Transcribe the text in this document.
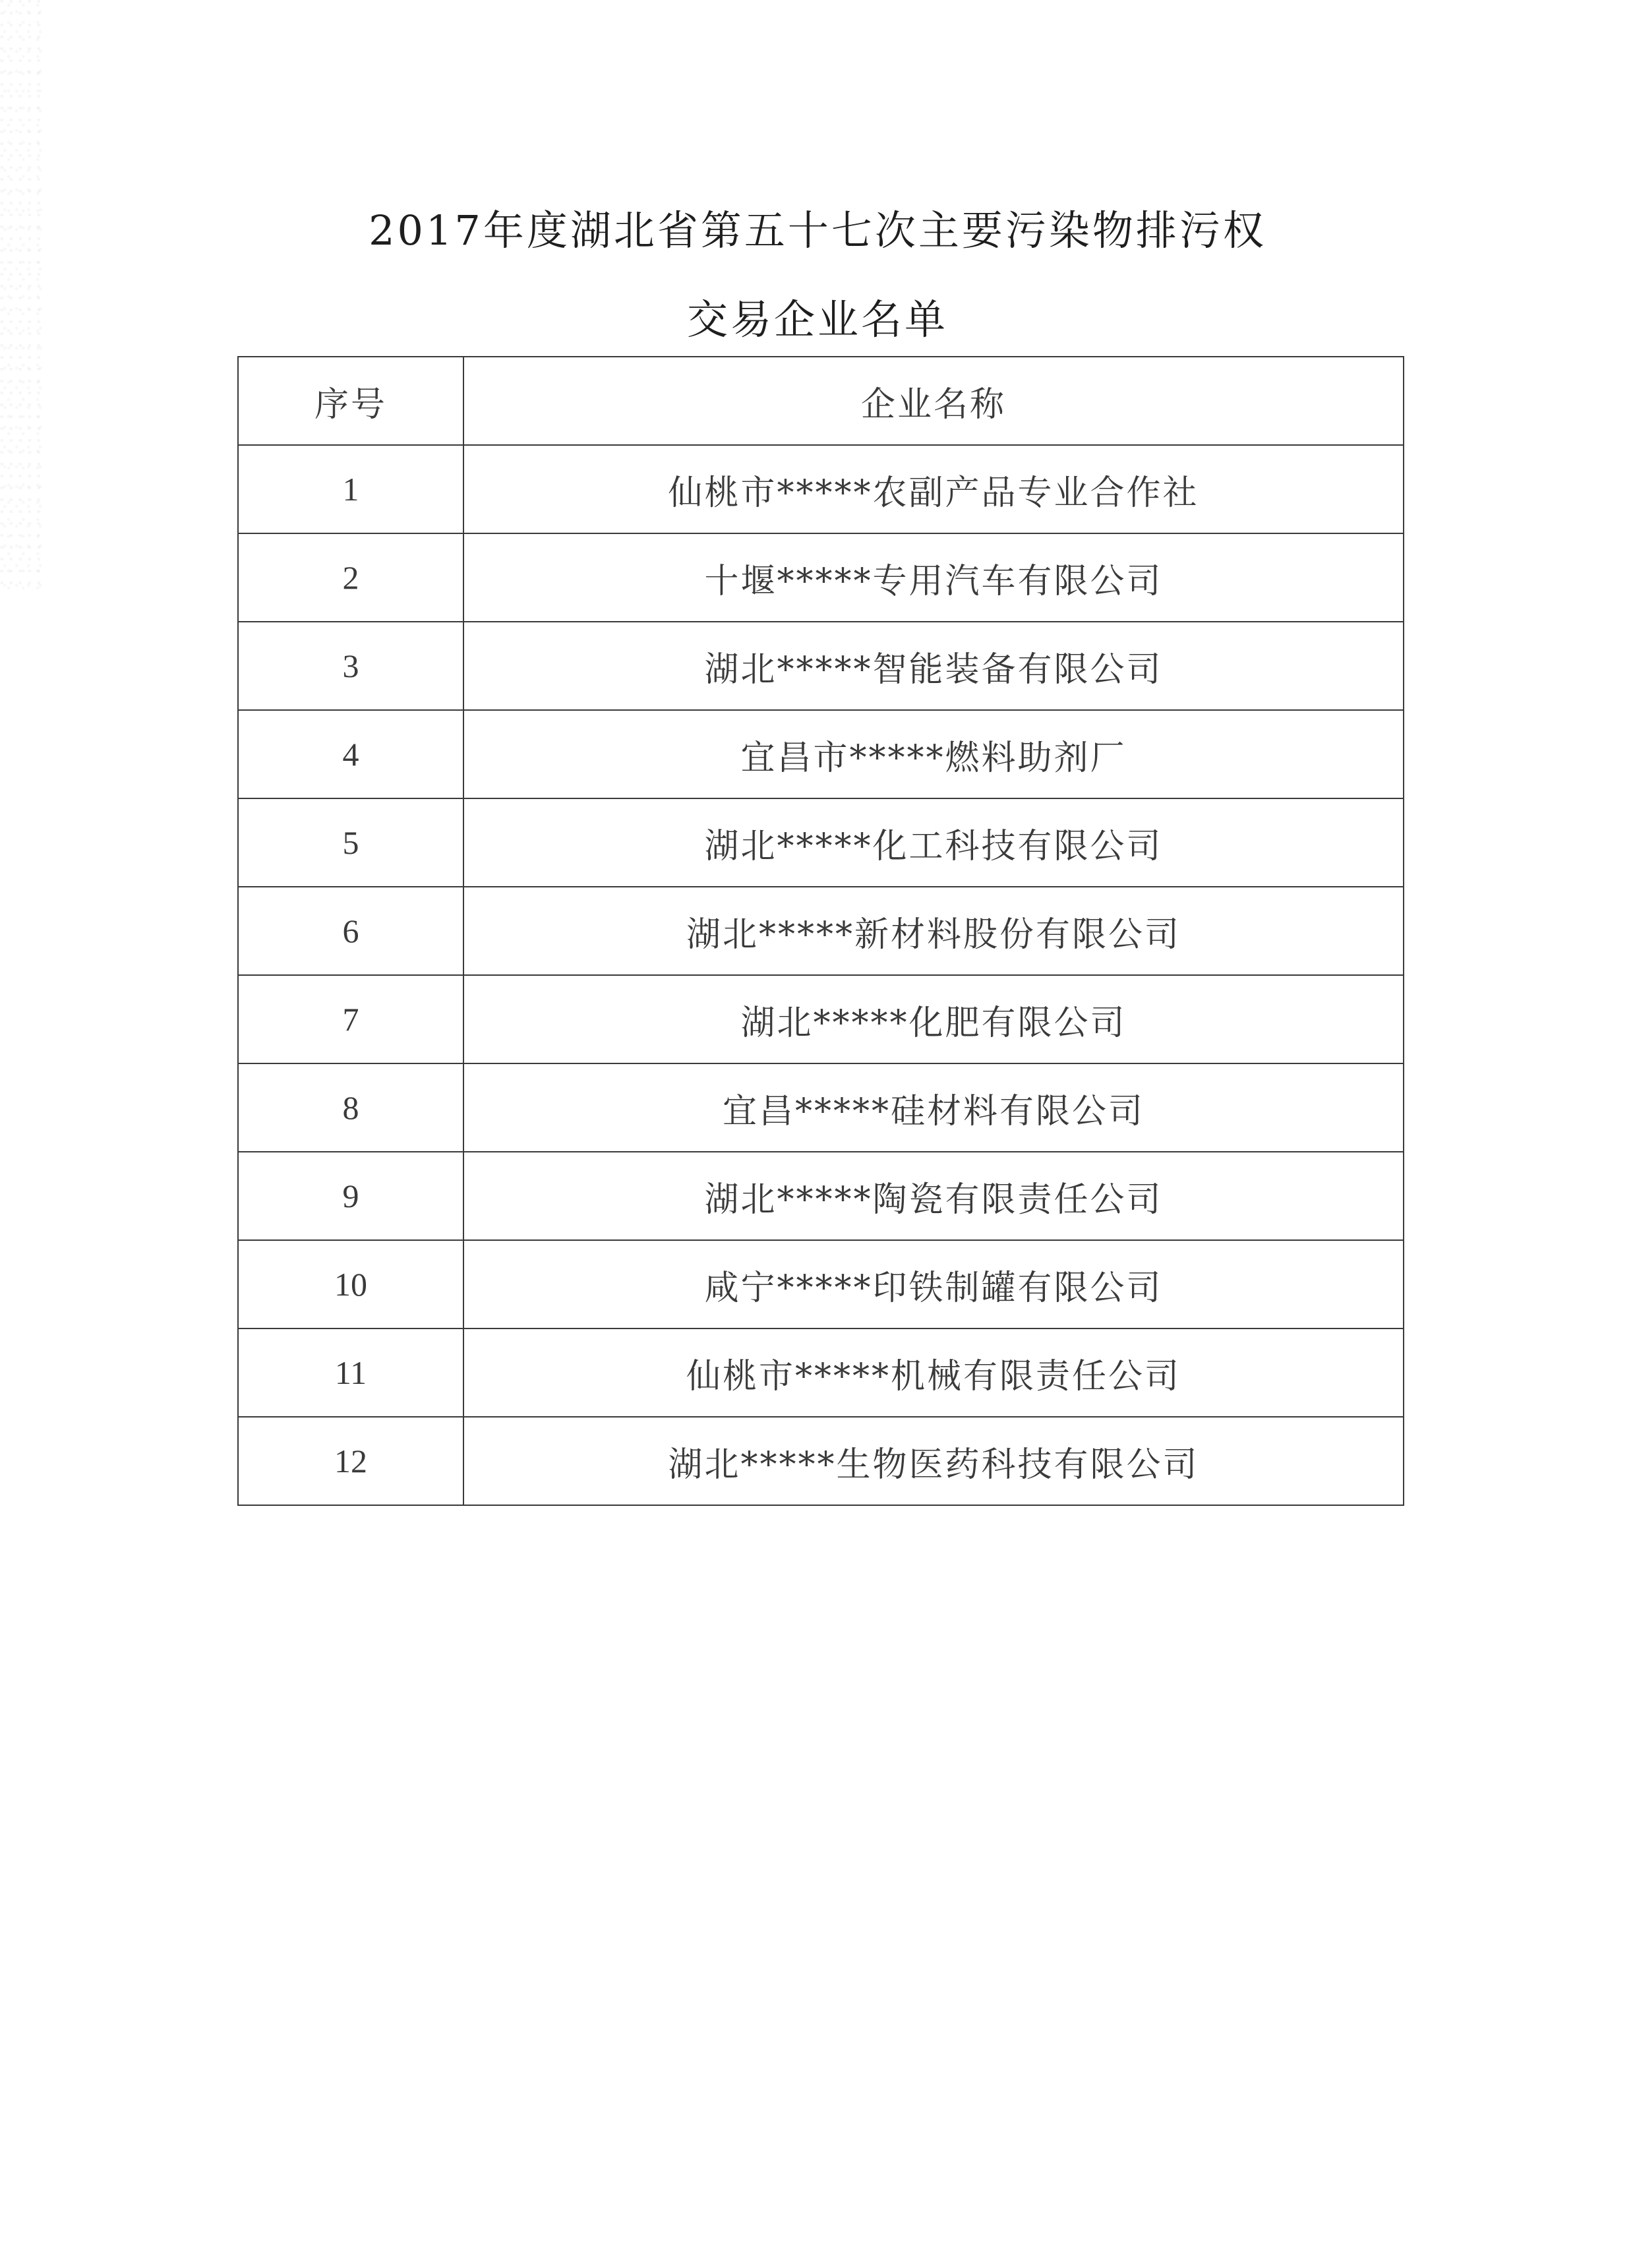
2017年度湖北省第五十七次主要污染物排污权
交易企业名单
序号	企业名称
1	仙桃市*****农副产品专业合作社
2	十堰*****专用汽车有限公司
3	湖北*****智能装备有限公司
4	宜昌市*****燃料助剂厂
5	湖北*****化工科技有限公司
6	湖北*****新材料股份有限公司
7	湖北*****化肥有限公司
8	宜昌*****硅材料有限公司
9	湖北*****陶瓷有限责任公司
10	咸宁*****印铁制罐有限公司
11	仙桃市*****机械有限责任公司
12	湖北*****生物医药科技有限公司
